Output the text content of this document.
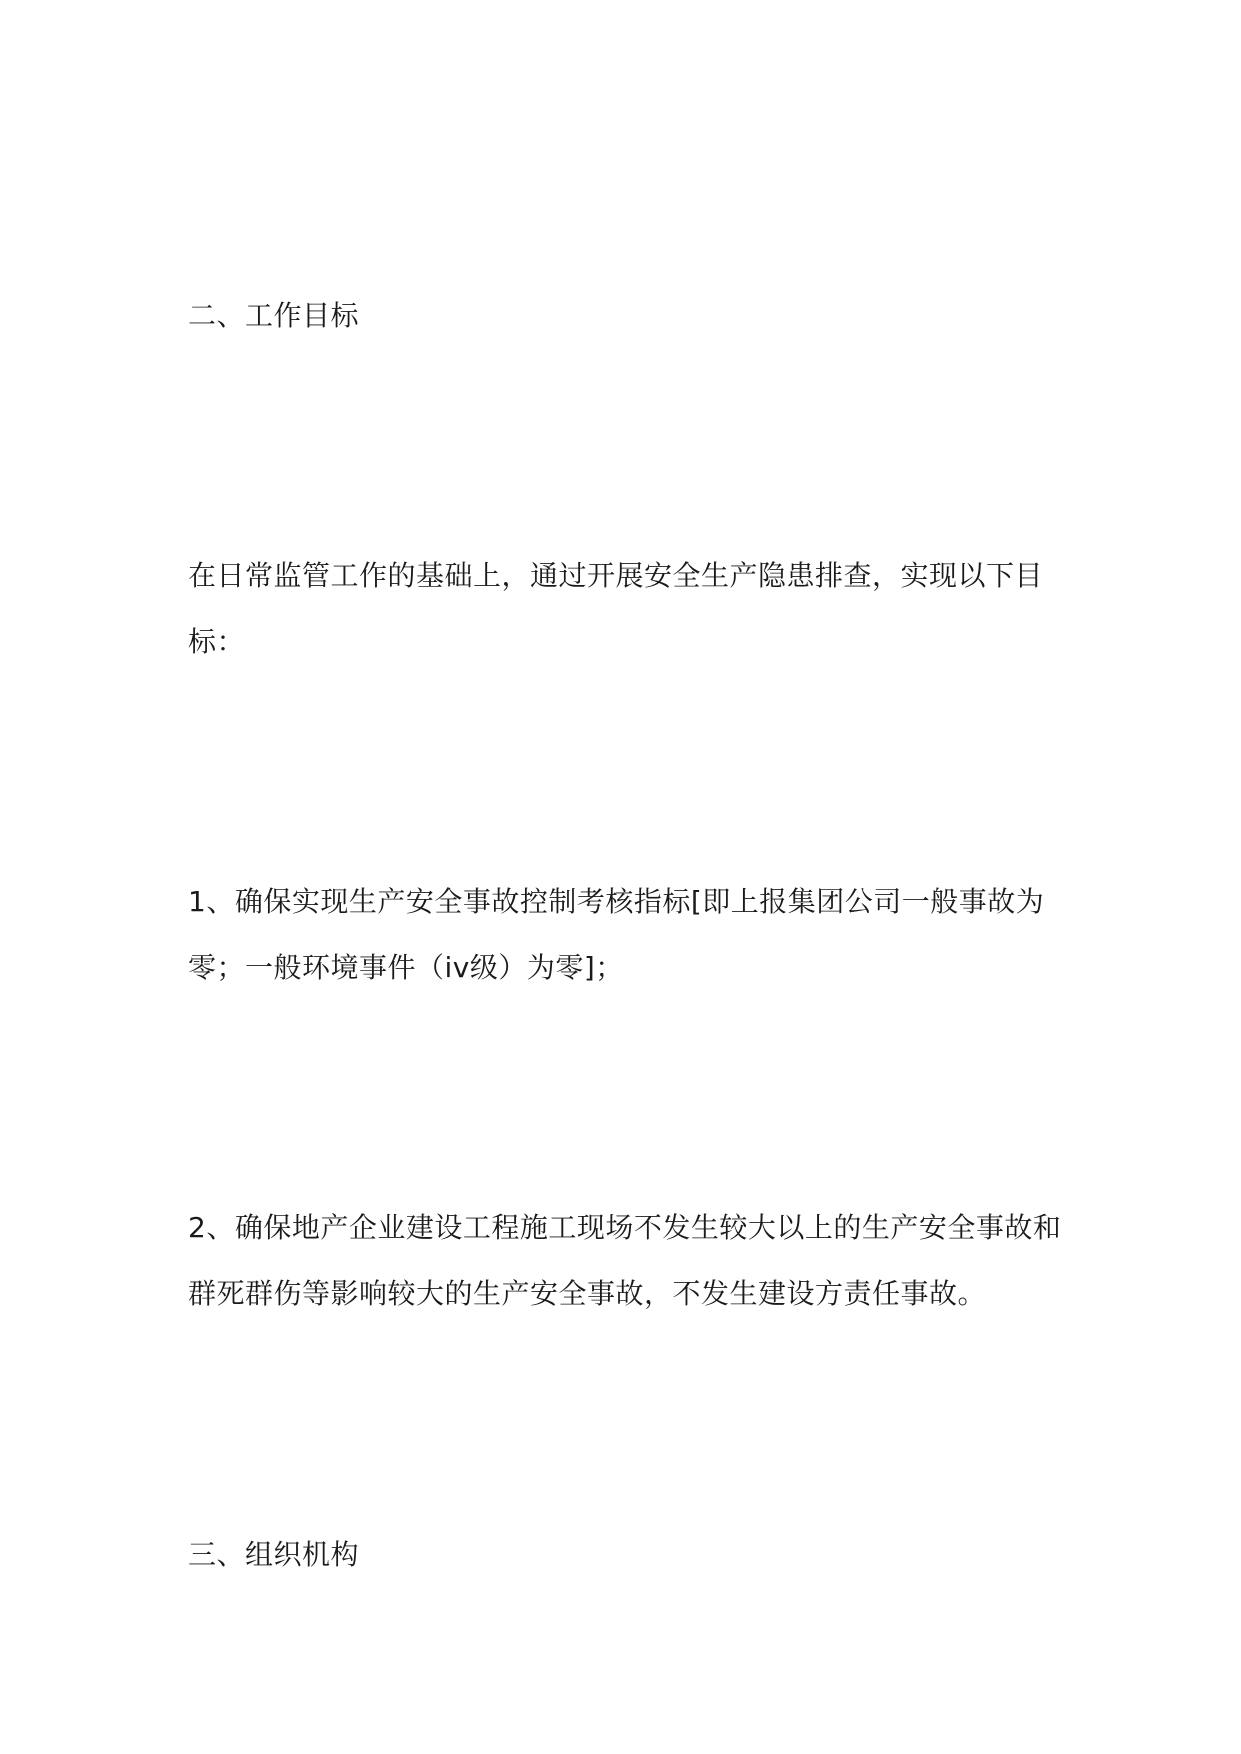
二、工作目标

在日常监管工作的基础上，通过开展安全生产隐患排查，实现以下目标：

1、确保实现生产安全事故控制考核指标[即上报集团公司一般事故为零；一般环境事件（iv级）为零]；

2、确保地产企业建设工程施工现场不发生较大以上的生产安全事故和群死群伤等影响较大的生产安全事故，不发生建设方责任事故。

三、组织机构
